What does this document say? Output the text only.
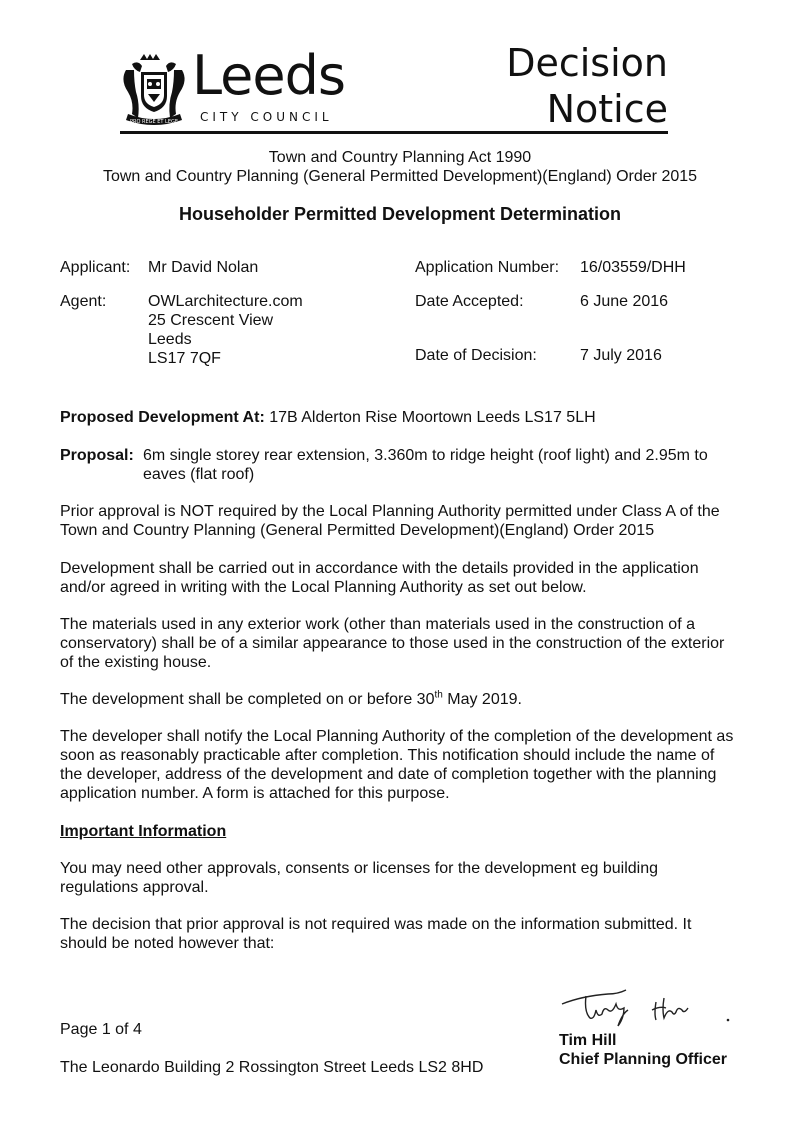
PRO REGE ET LEGE
Leeds
CITY COUNCIL
Decision
Notice
Town and Country Planning Act 1990
Town and Country Planning (General Permitted Development)(England) Order 2015
Householder Permitted Development Determination
Applicant: Mr David Nolan
Agent:	OWLarchitecture.com
25 Crescent View
Leeds
LS17 7QF
Application Number: 16/03559/DHH
Date Accepted:	6 June 2016
Date of Decision:	7 July 2016
Proposed Development At: 17B Alderton Rise Moortown Leeds LS17 5LH
Proposal: 6m single storey rear extension, 3.360m to ridge height (roof light) and 2.95m to
eaves (flat roof)
Prior approval is NOT required by the Local Planning Authority permitted under Class A of the Town and Country Planning (General Permitted Development)(England) Order 2015
Development shall be carried out in accordance with the details provided in the application and/or agreed in writing with the Local Planning Authority as set out below.
The materials used in any exterior work (other than materials used in the construction of a conservatory) shall be of a similar appearance to those used in the construction of the exterior of the existing house.
The development shall be completed on or before 30th May 2019.
The developer shall notify the Local Planning Authority of the completion of the development as soon as reasonably practicable after completion. This notification should include the name of the developer, address of the development and date of completion together with the planning application number. A form is attached for this purpose.
Important Information
You may need other approvals, consents or licenses for the development eg building regulations approval.
The decision that prior approval is not required was made on the information submitted. It should be noted however that:
Page 1 of 4
The Leonardo Building 2 Rossington Street Leeds LS2 8HD
Tim Hill
Chief Planning Officer
